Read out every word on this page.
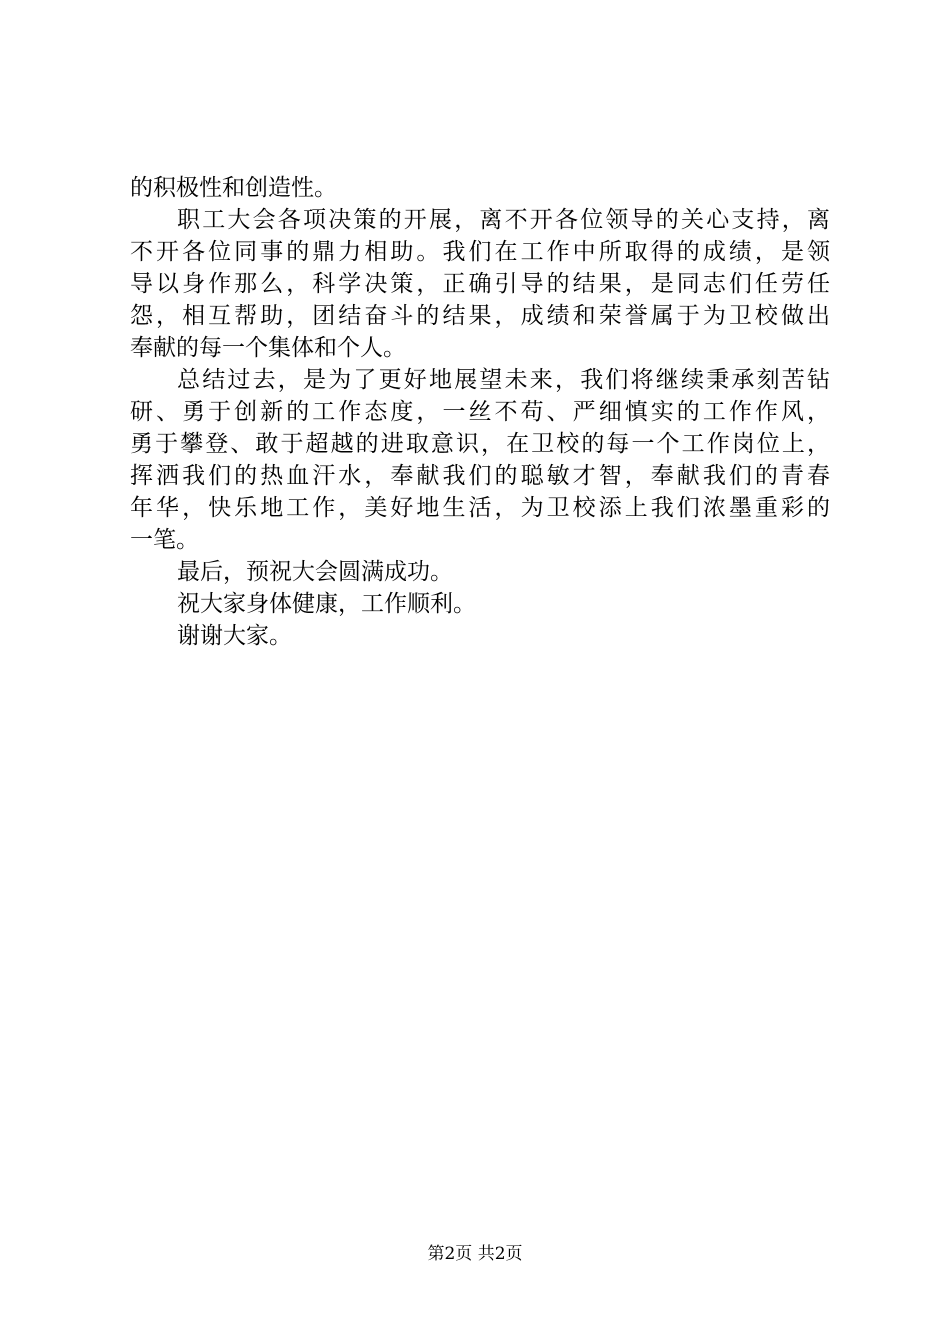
的积极性和创造性。
职工大会各项决策的开展，离不开各位领导的关心支持，离
不开各位同事的鼎力相助。我们在工作中所取得的成绩，是领
导以身作那么，科学决策，正确引导的结果，是同志们任劳任
怨，相互帮助，团结奋斗的结果，成绩和荣誉属于为卫校做出
奉献的每一个集体和个人。
总结过去，是为了更好地展望未来，我们将继续秉承刻苦钻
研、勇于创新的工作态度，一丝不苟、严细慎实的工作作风，
勇于攀登、敢于超越的进取意识，在卫校的每一个工作岗位上，
挥洒我们的热血汗水，奉献我们的聪敏才智，奉献我们的青春
年华，快乐地工作，美好地生活，为卫校添上我们浓墨重彩的
一笔。
最后，预祝大会圆满成功。
祝大家身体健康，工作顺利。
谢谢大家。
第2页 共2页
